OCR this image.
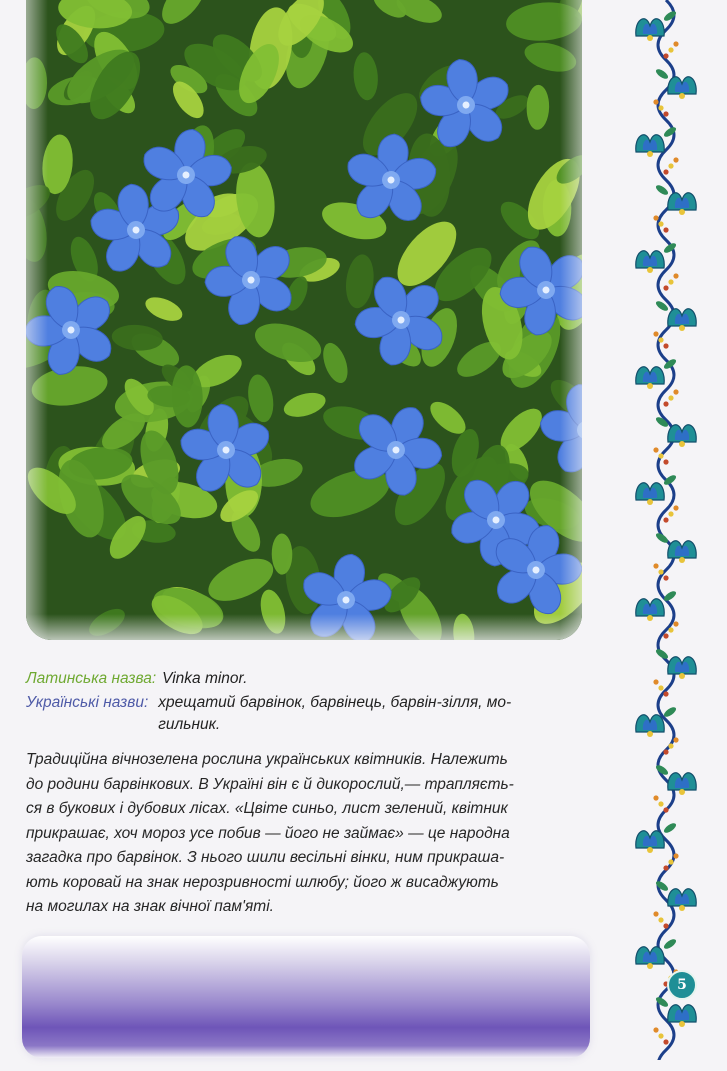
Латинська назва: Vinka minor.
Українські назви: хрещатий барвінок, барвінець, барвін-зілля, мо-гильник.
Традиційна вічнозелена рослина українських квітників. Належить
до родини барвінкових. В Україні він є й дикорослий,— трапляєть-
ся в букових і дубових лісах. «Цвіте синьо, лист зелений, квітник
прикрашає, хоч мороз усе побив — його не займає» — це народна
загадка про барвінок. З нього шили весільні вінки, ним прикраша-
ють коровай на знак нерозривності шлюбу; його ж висаджують
на могилах на знак вічної пам'яті.
5
